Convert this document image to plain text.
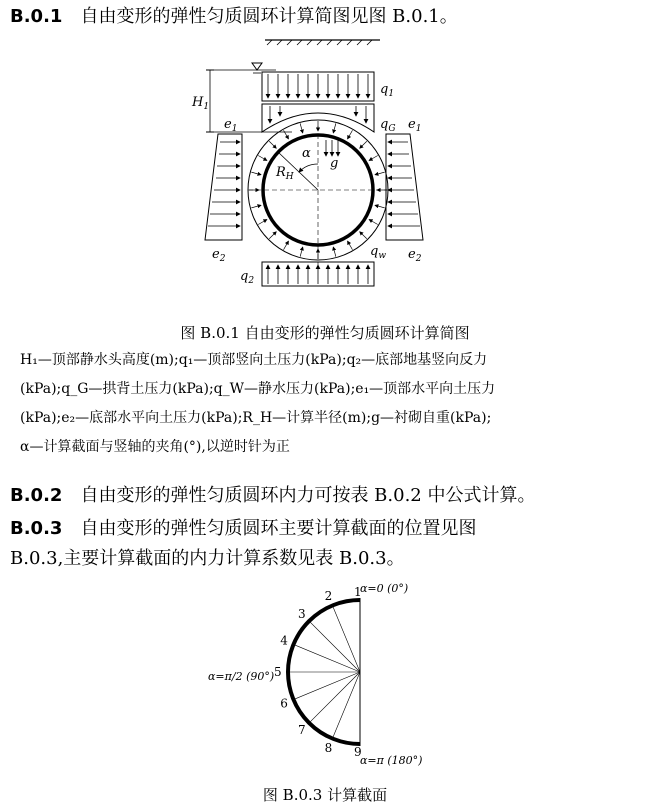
B.0.1 自由变形的弹性匀质圆环计算简图见图 B.0.1。
$H_1$
$q_1$
$q_G$
$e_1$	$e_1$
$e_2$	$e_2$
$R_H$
α
g
$q_w$
$q_2$
图 B.0.1 自由变形的弹性匀质圆环计算简图
H₁—顶部静水头高度(m);q₁—顶部竖向土压力(kPa);q₂—底部地基竖向反力
(kPa);q_G—拱背土压力(kPa);q_W—静水压力(kPa);e₁—顶部水平向土压力
(kPa);e₂—底部水平向土压力(kPa);R_H—计算半径(m);g—衬砌自重(kPa);
α—计算截面与竖轴的夹角(°),以逆时针为正
B.0.2 自由变形的弹性匀质圆环内力可按表 B.0.2 中公式计算。
B.0.3 自由变形的弹性匀质圆环主要计算截面的位置见图
B.0.3,主要计算截面的内力计算系数见表 B.0.3。
1
2
3
4
5
6
7
8 9
α=0 (0°)
α=π/2 (90°)
α=π (180°)
图 B.0.3 计算截面
